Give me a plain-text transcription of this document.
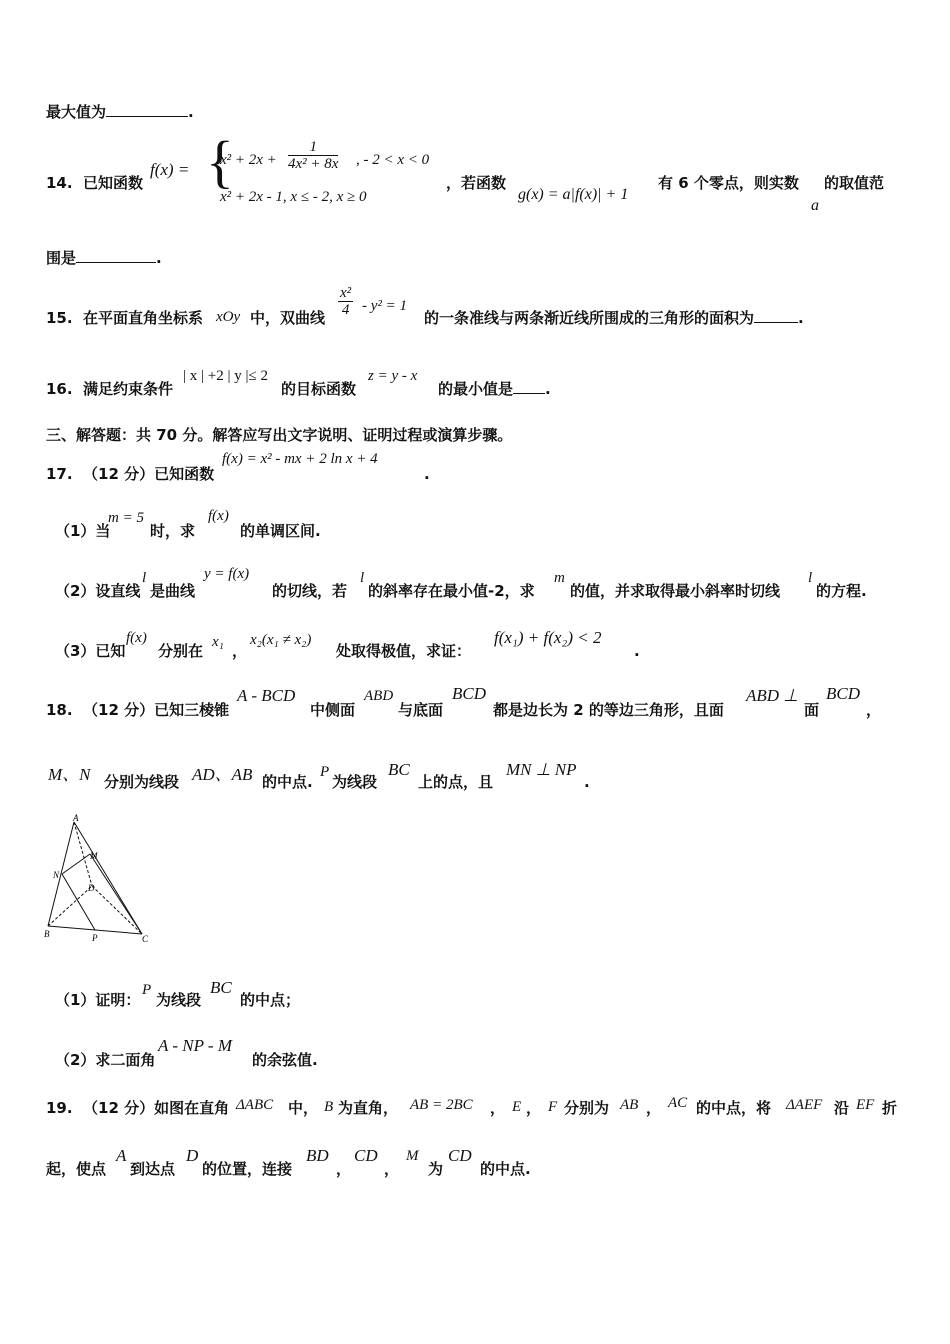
最大值为	.
14. 已知函数
f(x) = {
$x^2 + 2x + \frac{1}{\text{4x² + 8x}}$ , - 2 < x < 0
x² + 2x - 1, x ≤ - 2, x ≥ 0
，若函数
g(x) = a|f(x)| + 1
有 6 个零点，则实数
a
的取值范
围是	.
15. 在平面直角坐标系 xOy 中，双曲线 $\frac{\text{x²}}{4} - y^2 = 1$
的一条准线与两条渐近线所围成的三角形的面积为	.
16. 满足约束条件
| x | +2 | y |≤ 2
的目标函数
z = y - x
的最小值是 .
三、解答题：共 70 分。解答应写出文字说明、证明过程或演算步骤。
17. （12 分）已知函数
f(x) = x² - mx + 2 ln x + 4
.
（1）当
m = 5
时，求
f(x)
的单调区间.
（2）设直线
l
是曲线
y = f(x)
的切线，若
l
的斜率存在最小值-2，求
m
的值，并求取得最小斜率时切线
l
的方程.
（3）已知
f(x)
分别在 x₁ ，
x₂(x₁ ≠ x₂)
处取得极值，求证：
f(x₁) + f(x₂) < 2
.
18. （12 分）已知三棱锥
A - BCD
中侧面
ABD
与底面
BCD
都是边长为 2 的等边三角形，且面
ABD ⊥
面
BCD
，
M、N 分别为线段 AD、AB 的中点.
P
为线段
BC
上的点，且
MN ⊥ NP
.
A
M
N
D
B	P	C
（1）证明：
P
为线段
BC
的中点；
（2）求二面角
A - NP - M
的余弦值.
19. （12 分）如图在直角 ΔABC 中， B 为直角， AB = 2BC ， E ， F 分别为 AB ， AC 的中点，将 ΔAEF 沿 EF 折
起，使点
A
到达点
D
的位置，连接
BD
，
CD
，
M
为
CD
的中点.
